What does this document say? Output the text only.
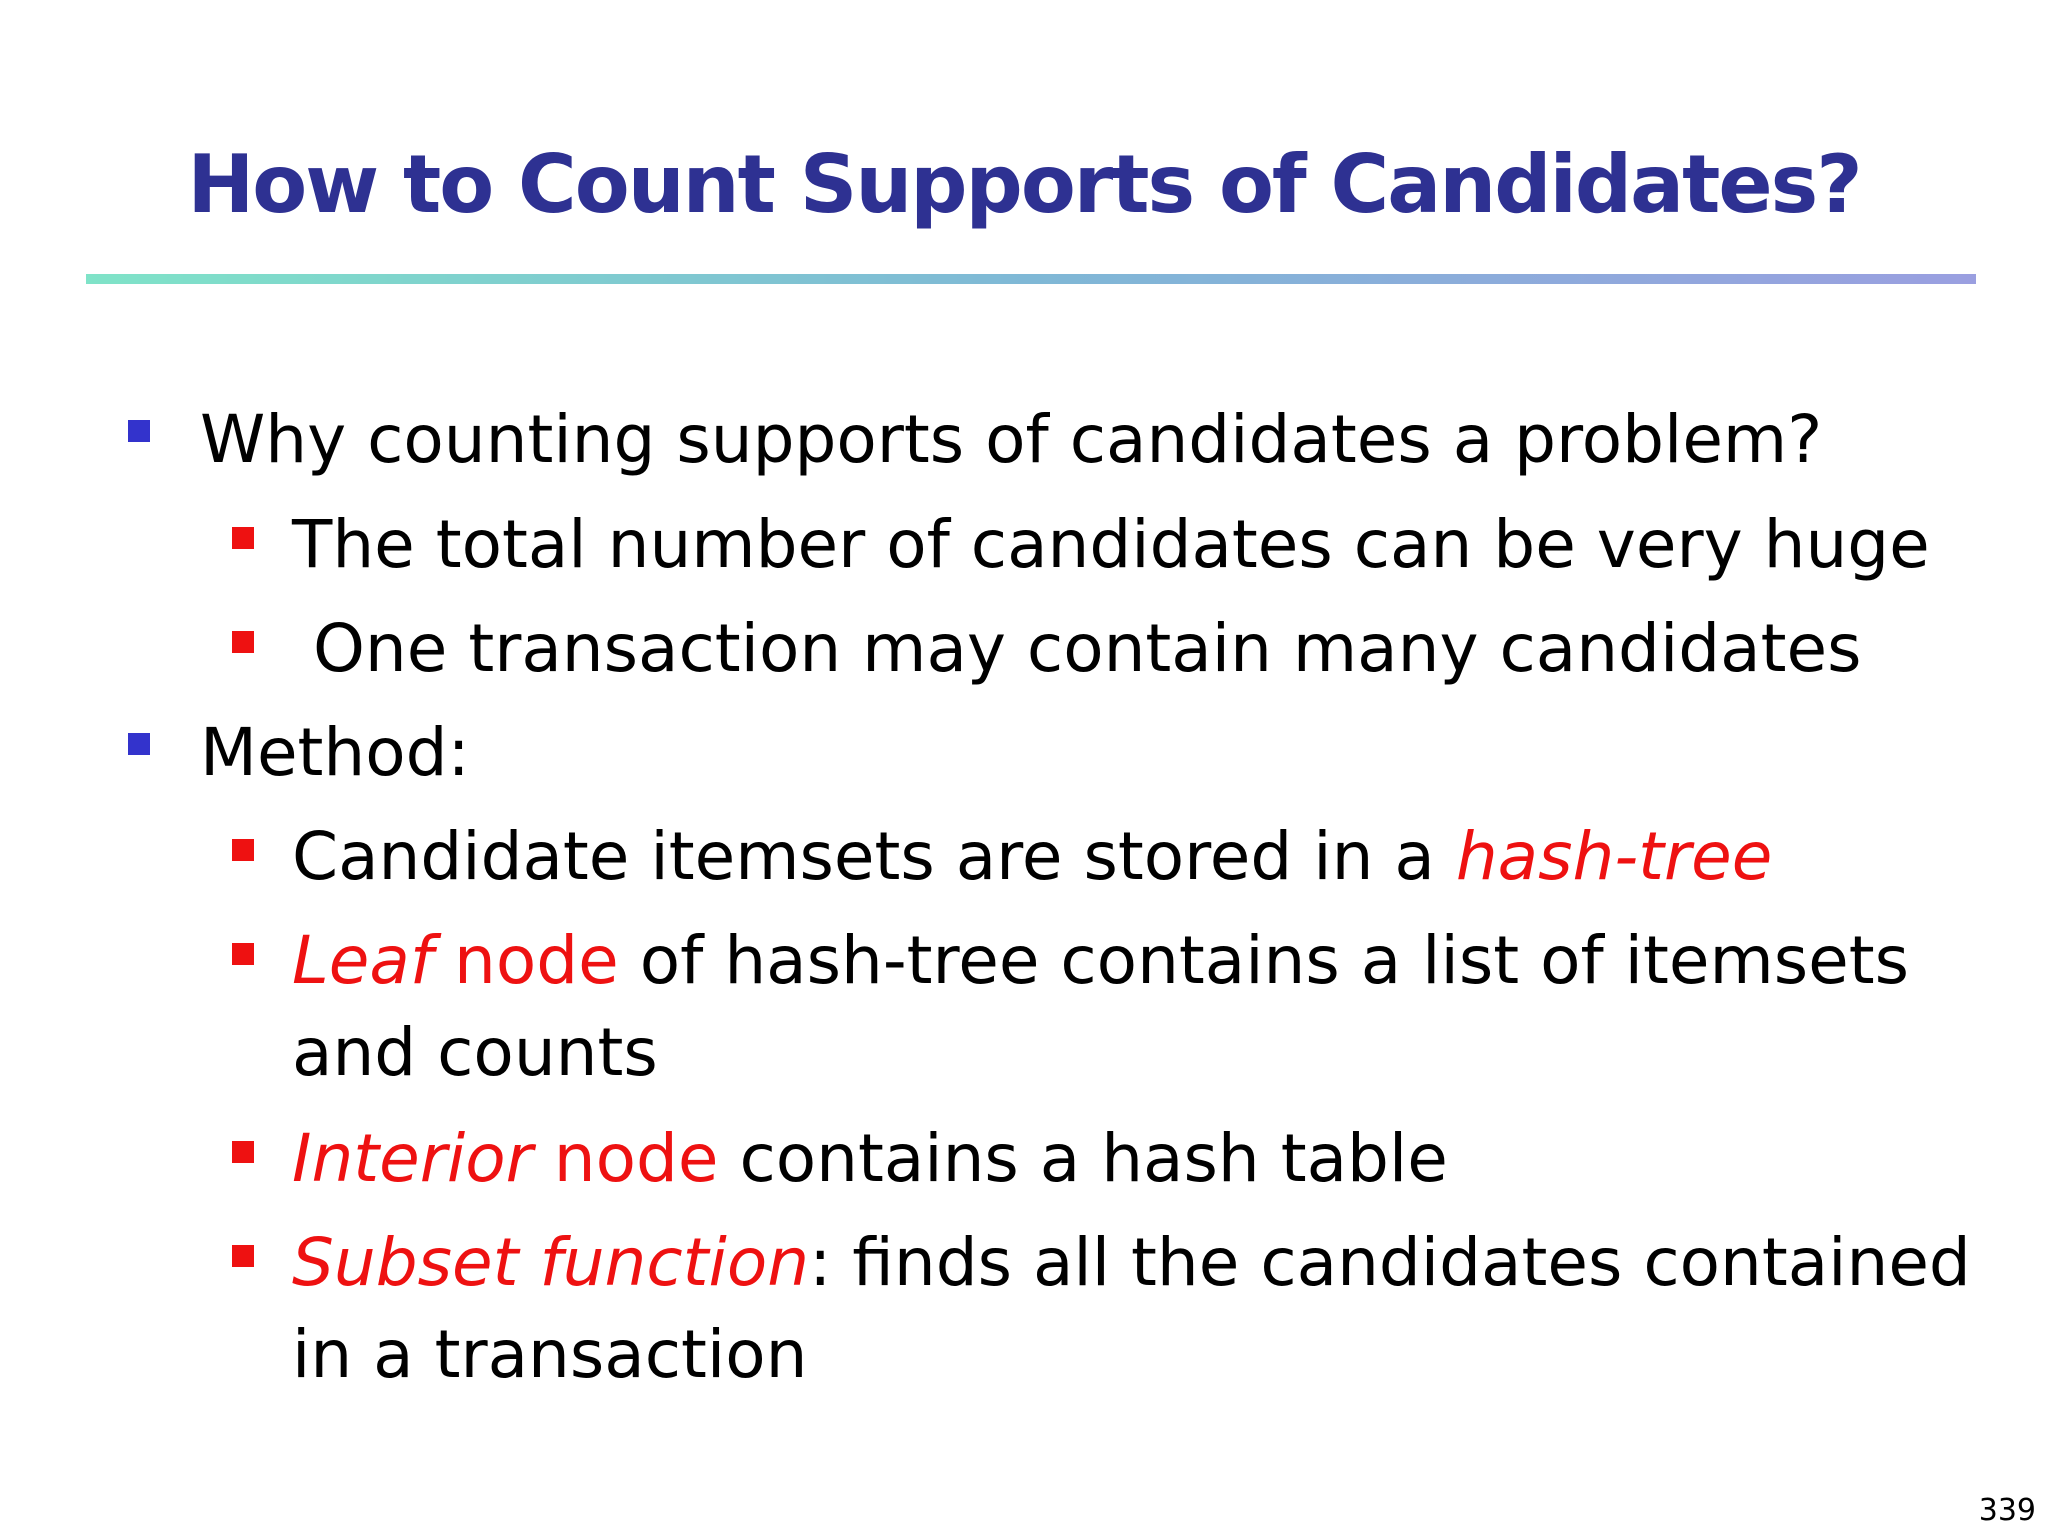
How to Count Supports of Candidates?
Why counting supports of candidates a problem?
The total number of candidates can be very huge
One transaction may contain many candidates
Method:
Candidate itemsets are stored in a hash-tree
Leaf node of hash-tree contains a list of itemsets
and counts
Interior node contains a hash table
Subset function: finds all the candidates contained
in a transaction
339
